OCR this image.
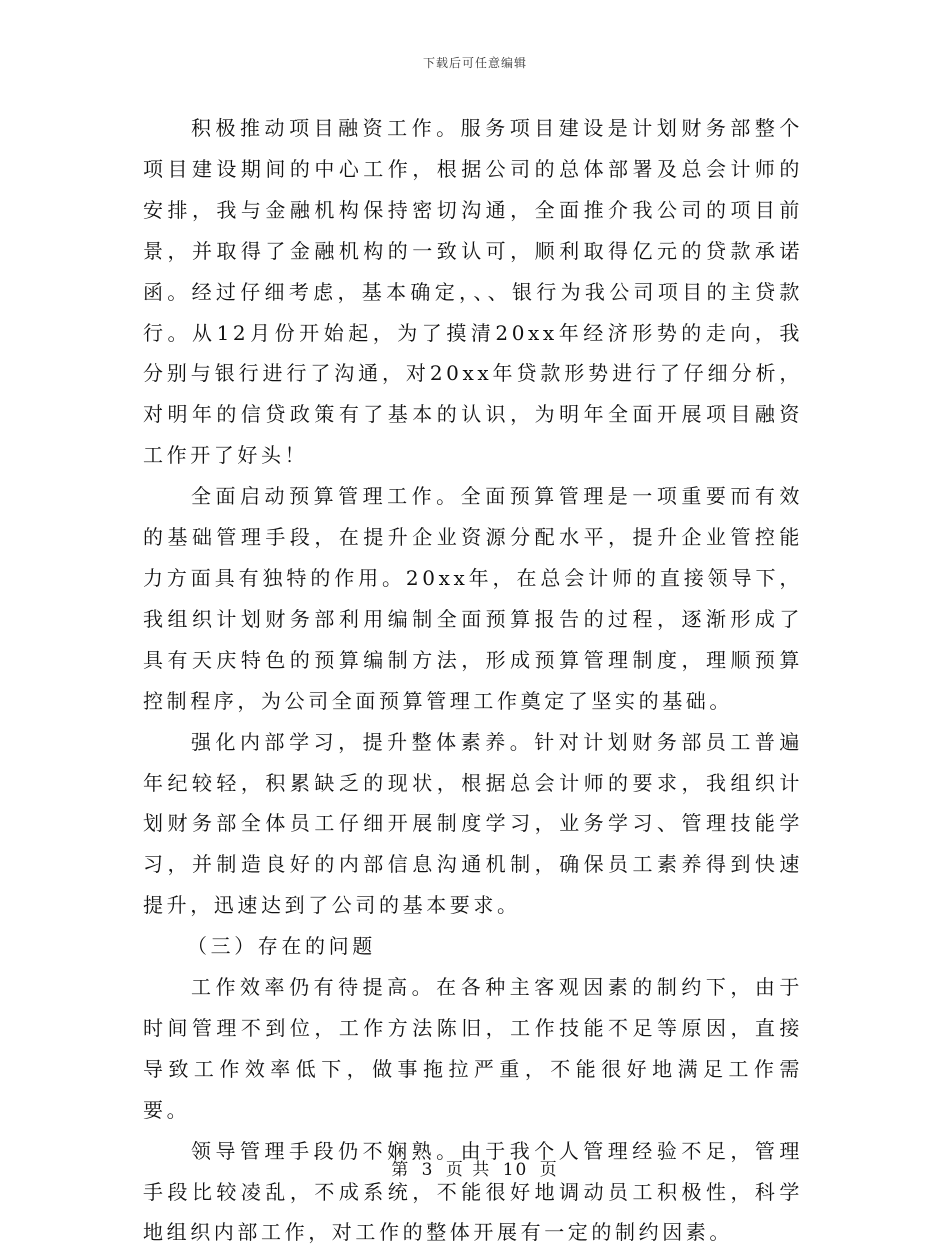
下载后可任意编辑

积极推动项目融资工作。服务项目建设是计划财务部整个项目建设期间的中心工作，根据公司的总体部署及总会计师的安排，我与金融机构保持密切沟通，全面推介我公司的项目前景，并取得了金融机构的一致认可，顺利取得亿元的贷款承诺函。经过仔细考虑，基本确定，、、银行为我公司项目的主贷款行。从12月份开始起，为了摸清20xx年经济形势的走向，我分别与银行进行了沟通，对20xx年贷款形势进行了仔细分析，对明年的信贷政策有了基本的认识，为明年全面开展项目融资工作开了好头！

全面启动预算管理工作。全面预算管理是一项重要而有效的基础管理手段，在提升企业资源分配水平，提升企业管控能力方面具有独特的作用。20xx年，在总会计师的直接领导下，我组织计划财务部利用编制全面预算报告的过程，逐渐形成了具有天庆特色的预算编制方法，形成预算管理制度，理顺预算控制程序，为公司全面预算管理工作奠定了坚实的基础。

强化内部学习，提升整体素养。针对计划财务部员工普遍年纪较轻，积累缺乏的现状，根据总会计师的要求，我组织计划财务部全体员工仔细开展制度学习，业务学习、管理技能学习，并制造良好的内部信息沟通机制，确保员工素养得到快速提升，迅速达到了公司的基本要求。

（三）存在的问题

工作效率仍有待提高。在各种主客观因素的制约下，由于时间管理不到位，工作方法陈旧，工作技能不足等原因，直接导致工作效率低下，做事拖拉严重，不能很好地满足工作需要。

领导管理手段仍不娴熟。由于我个人管理经验不足，管理手段比较凌乱，不成系统，不能很好地调动员工积极性，科学地组织内部工作，对工作的整体开展有一定的制约因素。

第 3 页 共 10 页
